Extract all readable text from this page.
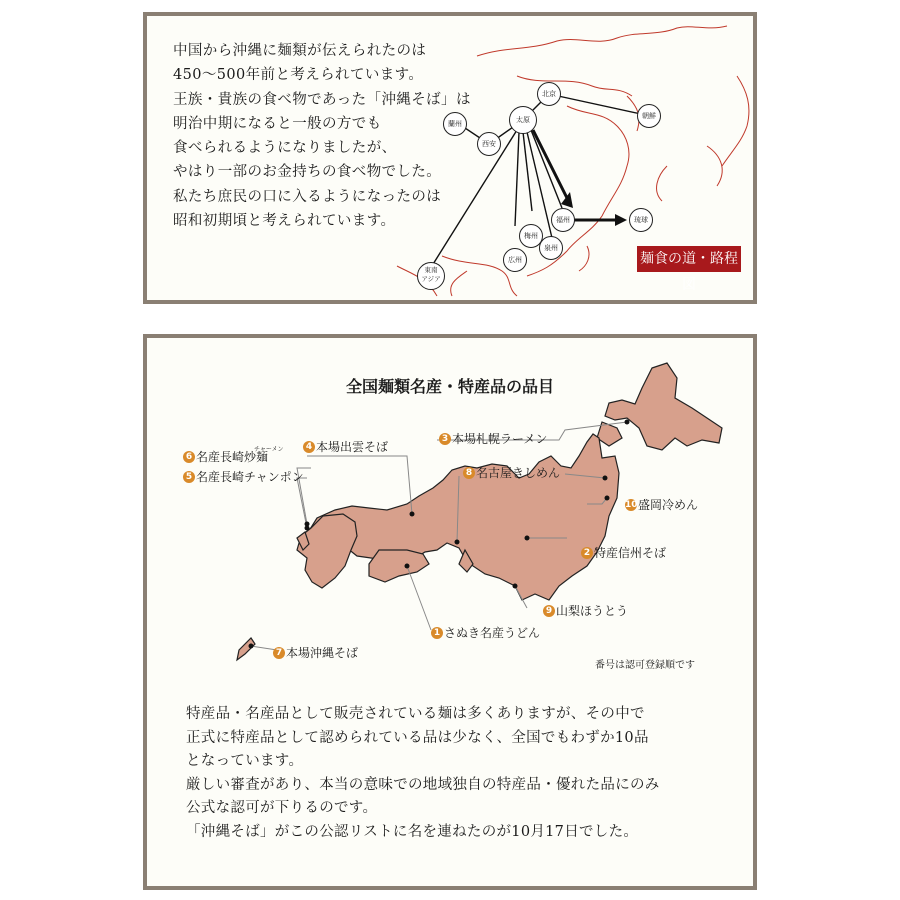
中国から沖縄に麺類が伝えられたのは
450〜500年前と考えられています。
王族・貴族の食べ物であった「沖縄そば」は
明治中期になると一般の方でも
食べられるようになりましたが、
やはり一部のお金持ちの食べ物でした。
私たち庶民の口に入るようになったのは
昭和初期頃と考えられています。
北京
太原
蘭州
西安
朝鮮
福州	琉球
梅州
泉州
広州
東南
アジア
麺食の道・路程図
全国麺類名産・特産品の品目
チャーメン
6 名産長崎炒麺
5 名産長崎チャンポン
4 本場出雲そば
3 本場札幌ラーメン
8 名古屋きしめん
10 盛岡冷めん
2 特産信州そば
9 山梨ほうとう
1 さぬき名産うどん
7 本場沖縄そば
番号は認可登録順です
特産品・名産品として販売されている麺は多くありますが、その中で
正式に特産品として認められている品は少なく、全国でもわずか10品
となっています。
厳しい審査があり、本当の意味での地域独自の特産品・優れた品にのみ
公式な認可が下りるのです。
「沖縄そば」がこの公認リストに名を連ねたのが10月17日でした。
